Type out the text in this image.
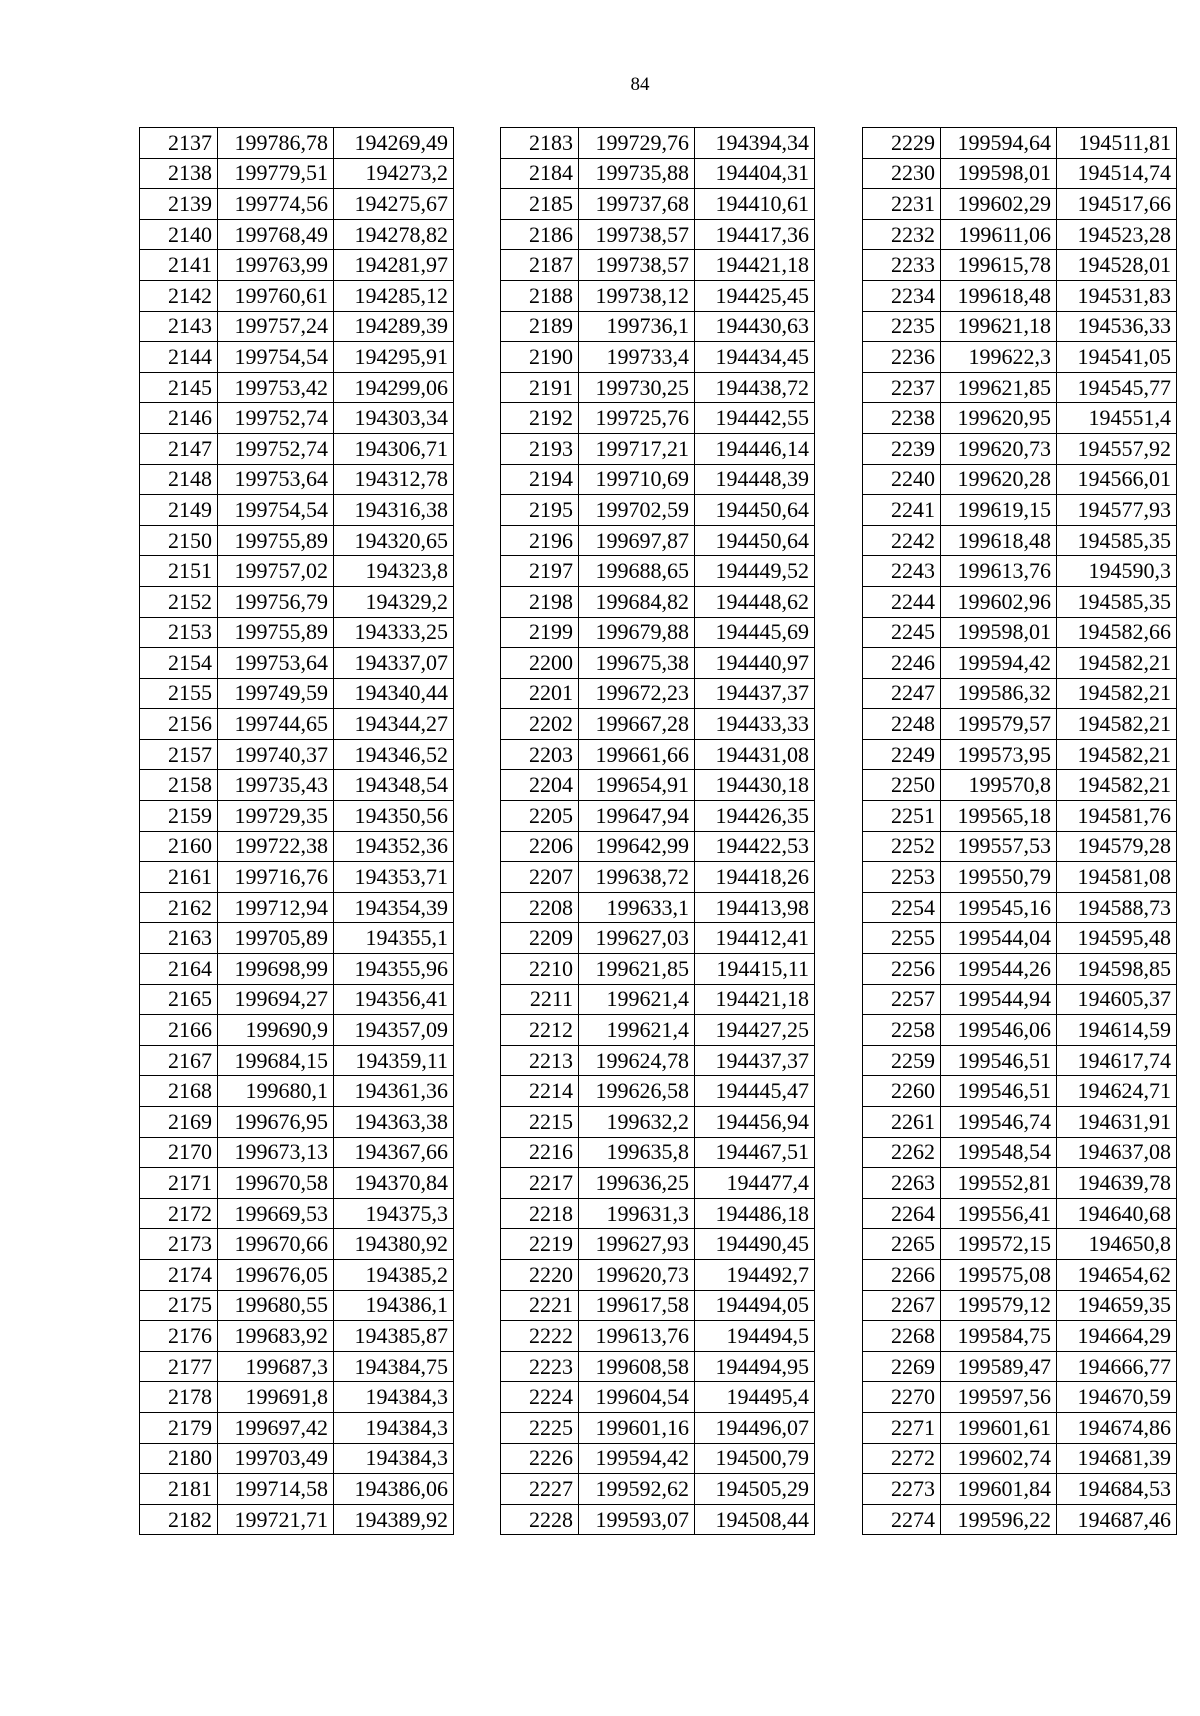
84
2137	199786,78	194269,49
2138	199779,51	194273,2
2139	199774,56	194275,67
2140	199768,49	194278,82
2141	199763,99	194281,97
2142	199760,61	194285,12
2143	199757,24	194289,39
2144	199754,54	194295,91
2145	199753,42	194299,06
2146	199752,74	194303,34
2147	199752,74	194306,71
2148	199753,64	194312,78
2149	199754,54	194316,38
2150	199755,89	194320,65
2151	199757,02	194323,8
2152	199756,79	194329,2
2153	199755,89	194333,25
2154	199753,64	194337,07
2155	199749,59	194340,44
2156	199744,65	194344,27
2157	199740,37	194346,52
2158	199735,43	194348,54
2159	199729,35	194350,56
2160	199722,38	194352,36
2161	199716,76	194353,71
2162	199712,94	194354,39
2163	199705,89	194355,1
2164	199698,99	194355,96
2165	199694,27	194356,41
2166	199690,9	194357,09
2167	199684,15	194359,11
2168	199680,1	194361,36
2169	199676,95	194363,38
2170	199673,13	194367,66
2171	199670,58	194370,84
2172	199669,53	194375,3
2173	199670,66	194380,92
2174	199676,05	194385,2
2175	199680,55	194386,1
2176	199683,92	194385,87
2177	199687,3	194384,75
2178	199691,8	194384,3
2179	199697,42	194384,3
2180	199703,49	194384,3
2181	199714,58	194386,06
2182	199721,71	194389,92
2183	199729,76	194394,34
2184	199735,88	194404,31
2185	199737,68	194410,61
2186	199738,57	194417,36
2187	199738,57	194421,18
2188	199738,12	194425,45
2189	199736,1	194430,63
2190	199733,4	194434,45
2191	199730,25	194438,72
2192	199725,76	194442,55
2193	199717,21	194446,14
2194	199710,69	194448,39
2195	199702,59	194450,64
2196	199697,87	194450,64
2197	199688,65	194449,52
2198	199684,82	194448,62
2199	199679,88	194445,69
2200	199675,38	194440,97
2201	199672,23	194437,37
2202	199667,28	194433,33
2203	199661,66	194431,08
2204	199654,91	194430,18
2205	199647,94	194426,35
2206	199642,99	194422,53
2207	199638,72	194418,26
2208	199633,1	194413,98
2209	199627,03	194412,41
2210	199621,85	194415,11
2211	199621,4	194421,18
2212	199621,4	194427,25
2213	199624,78	194437,37
2214	199626,58	194445,47
2215	199632,2	194456,94
2216	199635,8	194467,51
2217	199636,25	194477,4
2218	199631,3	194486,18
2219	199627,93	194490,45
2220	199620,73	194492,7
2221	199617,58	194494,05
2222	199613,76	194494,5
2223	199608,58	194494,95
2224	199604,54	194495,4
2225	199601,16	194496,07
2226	199594,42	194500,79
2227	199592,62	194505,29
2228	199593,07	194508,44
2229	199594,64	194511,81
2230	199598,01	194514,74
2231	199602,29	194517,66
2232	199611,06	194523,28
2233	199615,78	194528,01
2234	199618,48	194531,83
2235	199621,18	194536,33
2236	199622,3	194541,05
2237	199621,85	194545,77
2238	199620,95	194551,4
2239	199620,73	194557,92
2240	199620,28	194566,01
2241	199619,15	194577,93
2242	199618,48	194585,35
2243	199613,76	194590,3
2244	199602,96	194585,35
2245	199598,01	194582,66
2246	199594,42	194582,21
2247	199586,32	194582,21
2248	199579,57	194582,21
2249	199573,95	194582,21
2250	199570,8	194582,21
2251	199565,18	194581,76
2252	199557,53	194579,28
2253	199550,79	194581,08
2254	199545,16	194588,73
2255	199544,04	194595,48
2256	199544,26	194598,85
2257	199544,94	194605,37
2258	199546,06	194614,59
2259	199546,51	194617,74
2260	199546,51	194624,71
2261	199546,74	194631,91
2262	199548,54	194637,08
2263	199552,81	194639,78
2264	199556,41	194640,68
2265	199572,15	194650,8
2266	199575,08	194654,62
2267	199579,12	194659,35
2268	199584,75	194664,29
2269	199589,47	194666,77
2270	199597,56	194670,59
2271	199601,61	194674,86
2272	199602,74	194681,39
2273	199601,84	194684,53
2274	199596,22	194687,46
